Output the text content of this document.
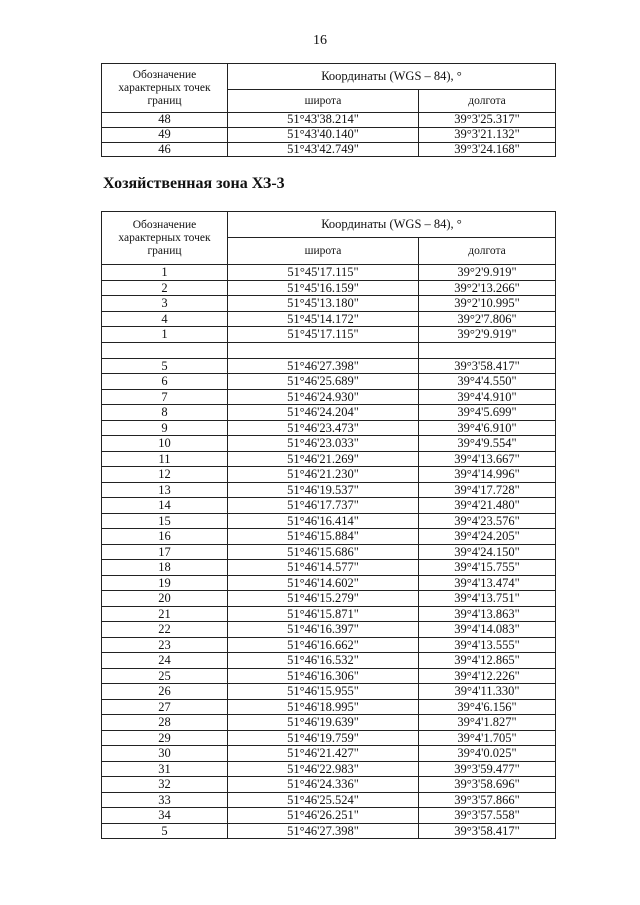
16
Обозначение характерных точек границ	Координаты (WGS – 84), °	
	широта	долгота
48	51°43'38.214"	39°3'25.317"
49	51°43'40.140"	39°3'21.132"
46	51°43'42.749"	39°3'24.168"
Хозяйственная зона ХЗ-3
Обозначение характерных точек границ	Координаты (WGS – 84), °	
	широта	долгота
1	51°45'17.115"	39°2'9.919"
2	51°45'16.159"	39°2'13.266"
3	51°45'13.180"	39°2'10.995"
4	51°45'14.172"	39°2'7.806"
1	51°45'17.115"	39°2'9.919"

5	51°46'27.398"	39°3'58.417"
6	51°46'25.689"	39°4'4.550"
7	51°46'24.930"	39°4'4.910"
8	51°46'24.204"	39°4'5.699"
9	51°46'23.473"	39°4'6.910"
10	51°46'23.033"	39°4'9.554"
11	51°46'21.269"	39°4'13.667"
12	51°46'21.230"	39°4'14.996"
13	51°46'19.537"	39°4'17.728"
14	51°46'17.737"	39°4'21.480"
15	51°46'16.414"	39°4'23.576"
16	51°46'15.884"	39°4'24.205"
17	51°46'15.686"	39°4'24.150"
18	51°46'14.577"	39°4'15.755"
19	51°46'14.602"	39°4'13.474"
20	51°46'15.279"	39°4'13.751"
21	51°46'15.871"	39°4'13.863"
22	51°46'16.397"	39°4'14.083"
23	51°46'16.662"	39°4'13.555"
24	51°46'16.532"	39°4'12.865"
25	51°46'16.306"	39°4'12.226"
26	51°46'15.955"	39°4'11.330"
27	51°46'18.995"	39°4'6.156"
28	51°46'19.639"	39°4'1.827"
29	51°46'19.759"	39°4'1.705"
30	51°46'21.427"	39°4'0.025"
31	51°46'22.983"	39°3'59.477"
32	51°46'24.336"	39°3'58.696"
33	51°46'25.524"	39°3'57.866"
34	51°46'26.251"	39°3'57.558"
5	51°46'27.398"	39°3'58.417"
